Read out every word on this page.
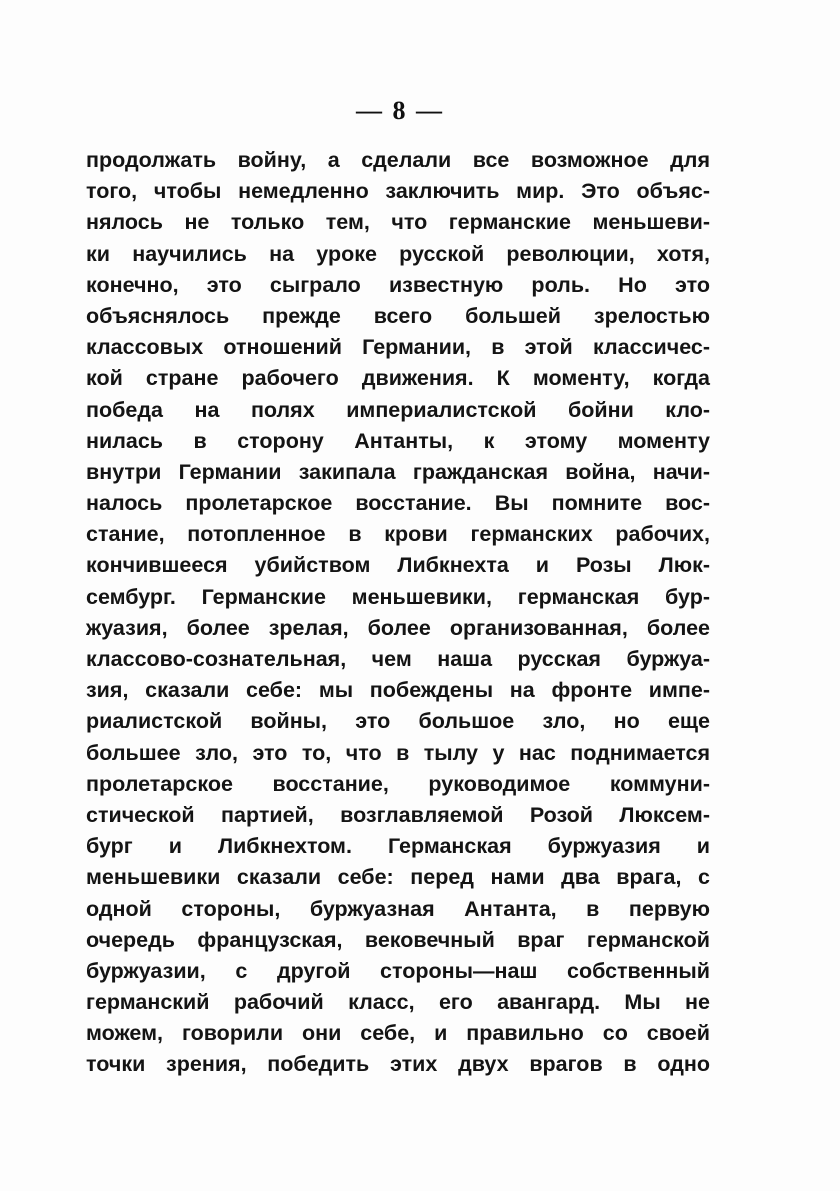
— 8 —
продолжать войну, а сделали все возможное для
того, чтобы немедленно заключить мир. Это объяс-
нялось не только тем, что германские меньшеви-
ки научились на уроке русской революции, хотя,
конечно, это сыграло известную роль. Но это
объяснялось прежде всего большей зрелостью
классовых отношений Германии, в этой классичес-
кой стране рабочего движения. К моменту, когда
победа на полях империалистской бойни кло-
нилась в сторону Антанты, к этому моменту
внутри Германии закипала гражданская война, начи-
налось пролетарское восстание. Вы помните вос-
стание, потопленное в крови германских рабочих,
кончившееся убийством Либкнехта и Розы Люк-
сембург. Германские меньшевики, германская бур-
жуазия, более зрелая, более организованная, более
классово-сознательная, чем наша русская буржуа-
зия, сказали себе: мы побеждены на фронте импе-
риалистской войны, это большое зло, но еще
большее зло, это то, что в тылу у нас поднимается
пролетарское восстание, руководимое коммуни-
стической партией, возглавляемой Розой Люксем-
бург и Либкнехтом. Германская буржуазия и
меньшевики сказали себе: перед нами два врага, с
одной стороны, буржуазная Антанта, в первую
очередь французская, вековечный враг германской
буржуазии, с другой стороны—наш собственный
германский рабочий класс, его авангард. Мы не
можем, говорили они себе, и правильно со своей
точки зрения, победить этих двух врагов в одно
